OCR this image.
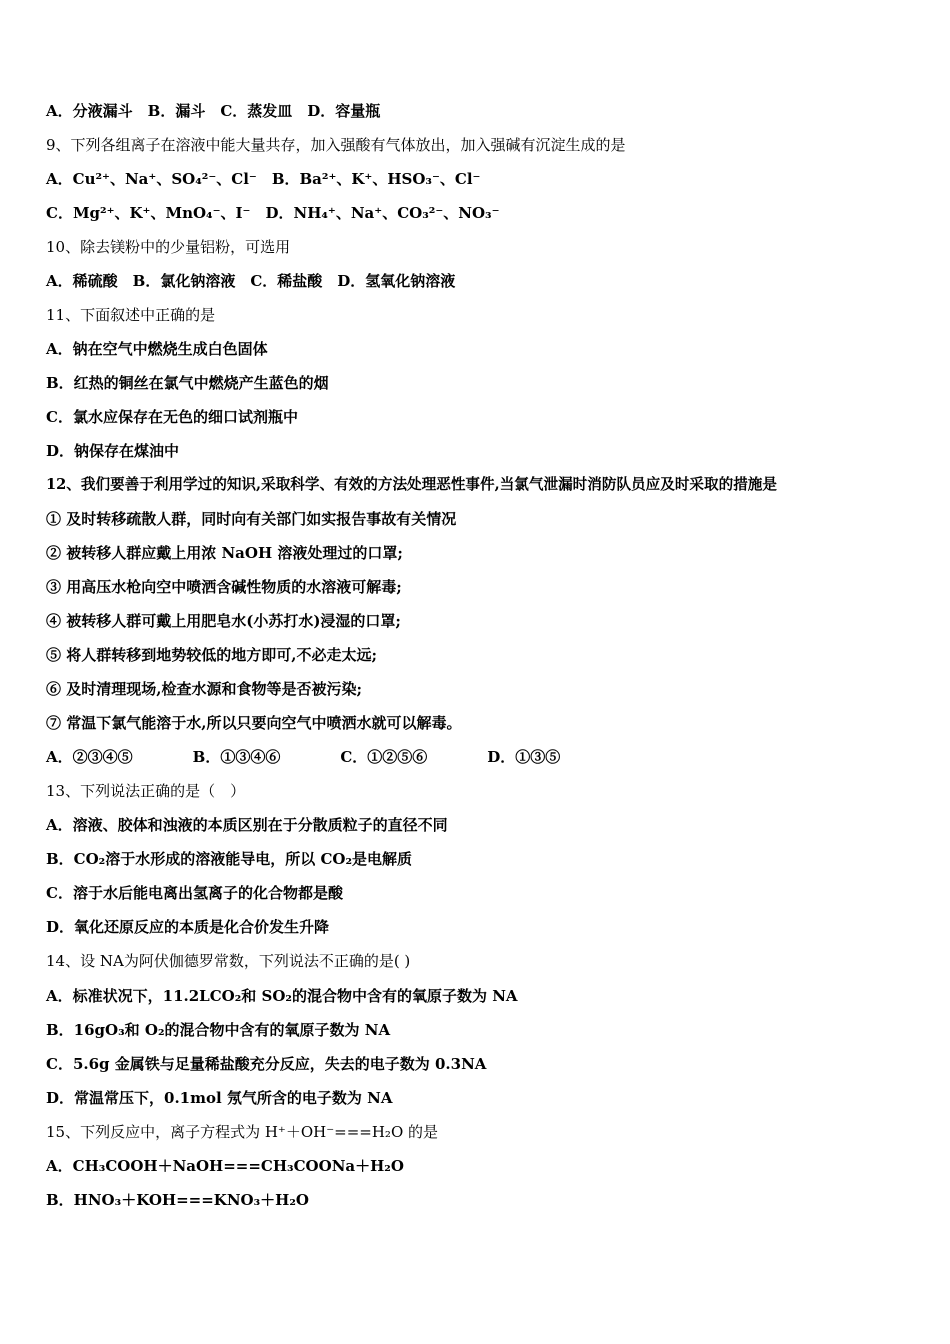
A．分液漏斗　B．漏斗　C．蒸发皿　D．容量瓶
9、下列各组离子在溶液中能大量共存，加入强酸有气体放出，加入强碱有沉淀生成的是
A．Cu²⁺、Na⁺、SO₄²⁻、Cl⁻　B．Ba²⁺、K⁺、HSO₃⁻、Cl⁻
C．Mg²⁺、K⁺、MnO₄⁻、I⁻　D．NH₄⁺、Na⁺、CO₃²⁻、NO₃⁻
10、除去镁粉中的少量铝粉，可选用
A．稀硫酸　B．氯化钠溶液　C．稀盐酸　D．氢氧化钠溶液
11、下面叙述中正确的是
A．钠在空气中燃烧生成白色固体
B．红热的铜丝在氯气中燃烧产生蓝色的烟
C．氯水应保存在无色的细口试剂瓶中
D．钠保存在煤油中
12、我们要善于利用学过的知识,采取科学、有效的方法处理恶性事件,当氯气泄漏时消防队员应及时采取的措施是
① 及时转移疏散人群，同时向有关部门如实报告事故有关情况
② 被转移人群应戴上用浓 NaOH 溶液处理过的口罩;
③ 用高压水枪向空中喷洒含碱性物质的水溶液可解毒;
④ 被转移人群可戴上用肥皂水(小苏打水)浸湿的口罩;
⑤ 将人群转移到地势较低的地方即可,不必走太远;
⑥ 及时清理现场,检查水源和食物等是否被污染;
⑦ 常温下氯气能溶于水,所以只要向空气中喷洒水就可以解毒。
A．②③④⑤　　　　B．①③④⑥　　　　C．①②⑤⑥　　　　D．①③⑤
13、下列说法正确的是（　）
A．溶液、胶体和浊液的本质区别在于分散质粒子的直径不同
B．CO₂溶于水形成的溶液能导电，所以 CO₂是电解质
C．溶于水后能电离出氢离子的化合物都是酸
D．氧化还原反应的本质是化合价发生升降
14、设 NA为阿伏伽德罗常数，下列说法不正确的是( )
A．标准状况下，11.2LCO₂和 SO₂的混合物中含有的氧原子数为 NA
B．16gO₃和 O₂的混合物中含有的氧原子数为 NA
C．5.6g 金属铁与足量稀盐酸充分反应，失去的电子数为 0.3NA
D．常温常压下，0.1mol 氖气所含的电子数为 NA
15、下列反应中，离子方程式为 H⁺＋OH⁻===H₂O 的是
A．CH₃COOH＋NaOH===CH₃COONa＋H₂O
B．HNO₃＋KOH===KNO₃＋H₂O
